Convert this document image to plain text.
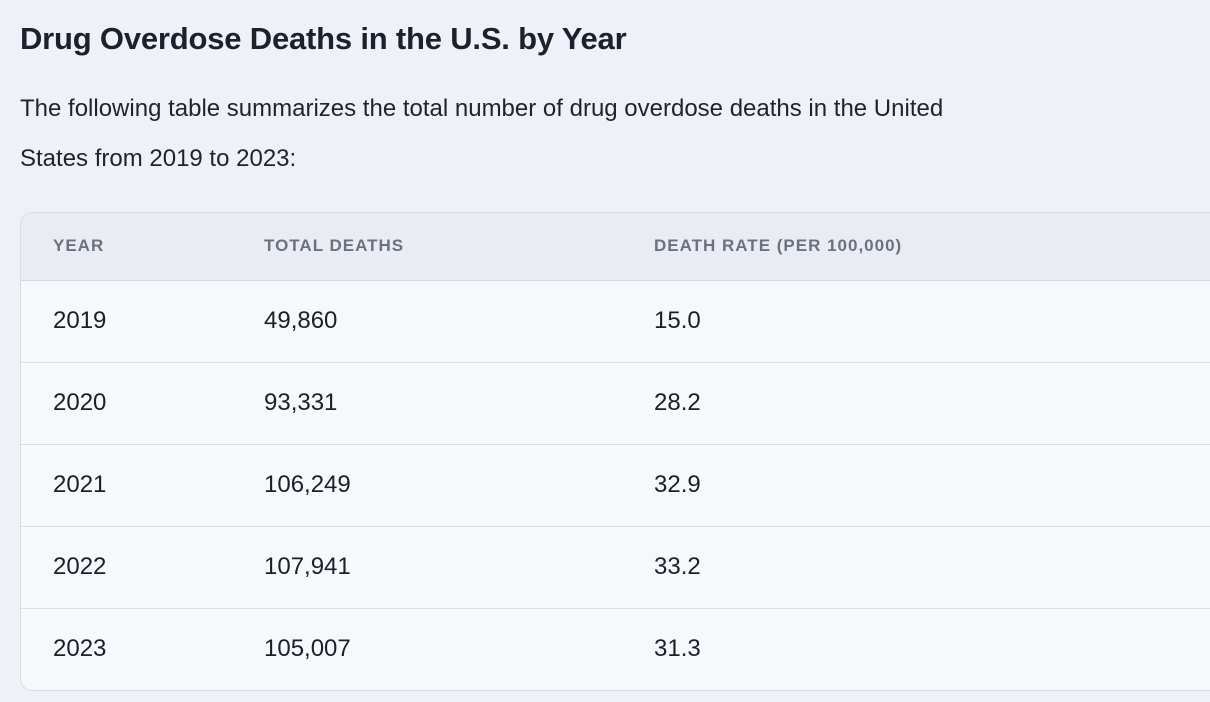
Drug Overdose Deaths in the U.S. by Year

The following table summarizes the total number of drug overdose deaths in the United States from 2019 to 2023:

YEAR	TOTAL DEATHS	DEATH RATE (PER 100,000)
2019	49,860	15.0
2020	93,331	28.2
2021	106,249	32.9
2022	107,941	33.2
2023	105,007	31.3
